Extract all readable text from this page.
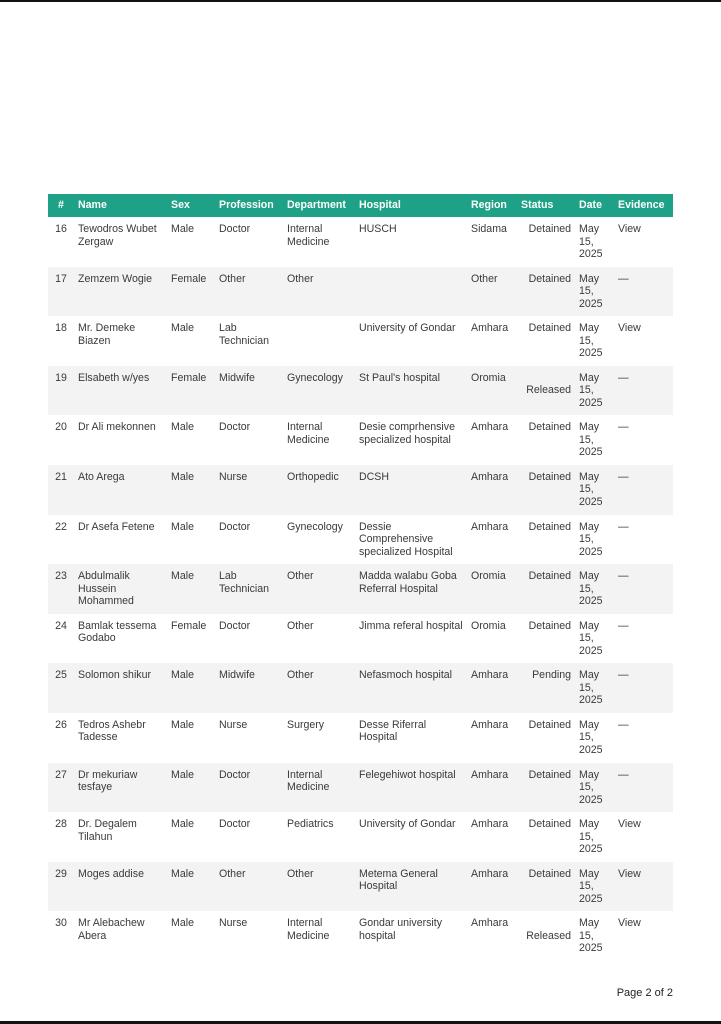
#	Name	Sex	Profession	Department	Hospital	Region	Status	Date	Evidence
16	Tewodros Wubet Zergaw	Male	Doctor	Internal Medicine	HUSCH	Sidama	Detained	May 15, 2025	View
17	Zemzem Wogie	Female	Other	Other		Other	Detained	May 15, 2025	—
18	Mr. Demeke Biazen	Male	Lab Technician		University of Gondar	Amhara	Detained	May 15, 2025	View
19	Elsabeth w/yes	Female	Midwife	Gynecology	St Paul's hospital	Oromia	Released	May 15, 2025	—
20	Dr Ali mekonnen	Male	Doctor	Internal Medicine	Desie comprhensive specialized hospital	Amhara	Detained	May 15, 2025	—
21	Ato Arega	Male	Nurse	Orthopedic	DCSH	Amhara	Detained	May 15, 2025	—
22	Dr Asefa Fetene	Male	Doctor	Gynecology	Dessie Comprehensive specialized Hospital	Amhara	Detained	May 15, 2025	—
23	Abdulmalik Hussein Mohammed	Male	Lab Technician	Other	Madda walabu Goba Referral Hospital	Oromia	Detained	May 15, 2025	—
24	Bamlak tessema Godabo	Female	Doctor	Other	Jimma referal hospital	Oromia	Detained	May 15, 2025	—
25	Solomon shikur	Male	Midwife	Other	Nefasmoch hospital	Amhara	Pending	May 15, 2025	—
26	Tedros Ashebr Tadesse	Male	Nurse	Surgery	Desse Riferral Hospital	Amhara	Detained	May 15, 2025	—
27	Dr mekuriaw tesfaye	Male	Doctor	Internal Medicine	Felegehiwot hospital	Amhara	Detained	May 15, 2025	—
28	Dr. Degalem Tilahun	Male	Doctor	Pediatrics	University of Gondar	Amhara	Detained	May 15, 2025	View
29	Moges addise	Male	Other	Other	Metema General Hospital	Amhara	Detained	May 15, 2025	View
30	Mr Alebachew Abera	Male	Nurse	Internal Medicine	Gondar university hospital	Amhara	Released	May 15, 2025	View
Page 2 of 2
